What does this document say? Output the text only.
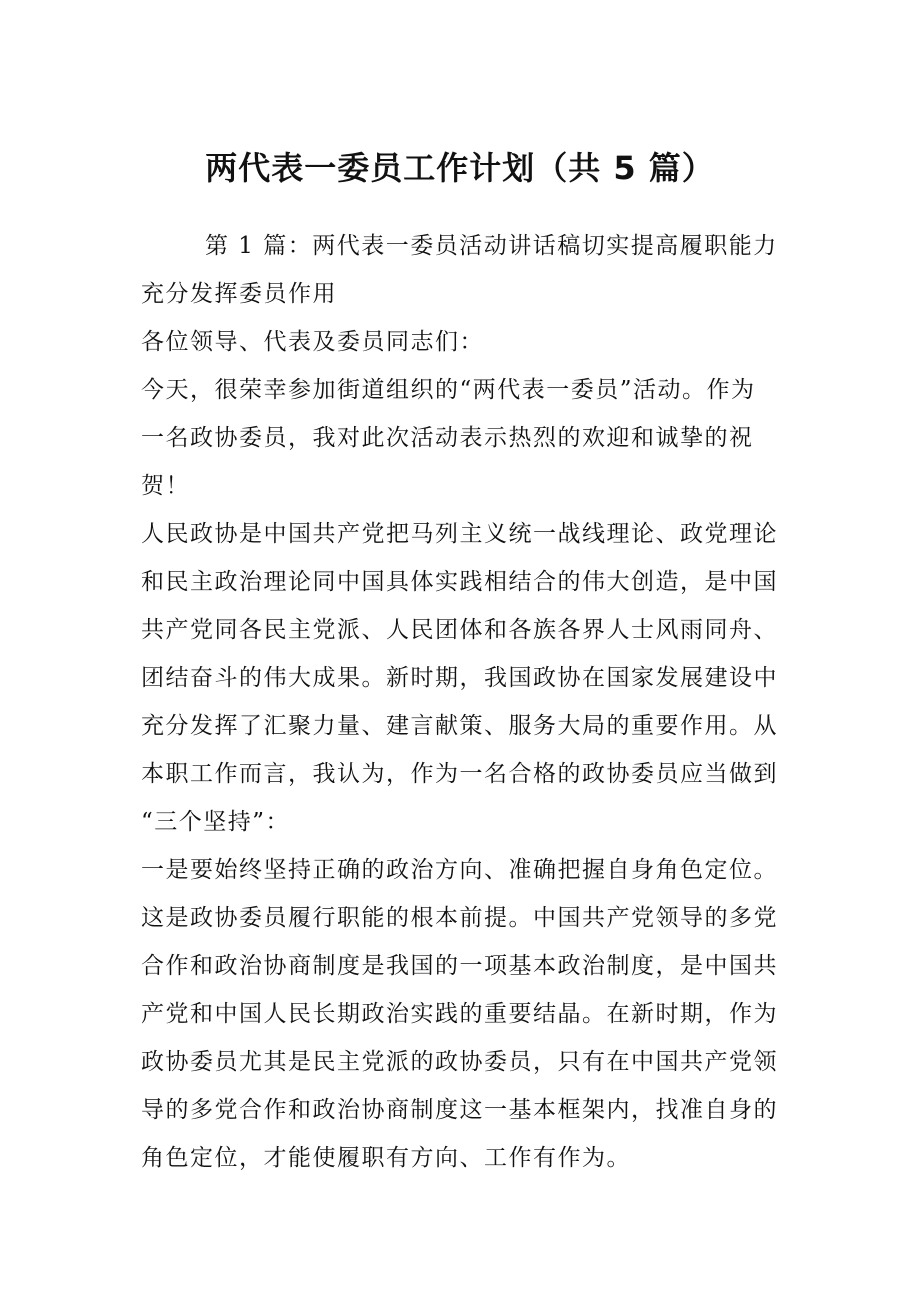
两代表一委员工作计划（共 5 篇）

第 1 篇：两代表一委员活动讲话稿切实提高履职能力

充分发挥委员作用

各位领导、代表及委员同志们：

今天，很荣幸参加街道组织的“两代表一委员”活动。作为

一名政协委员，我对此次活动表示热烈的欢迎和诚挚的祝

贺！

人民政协是中国共产党把马列主义统一战线理论、政党理论

和民主政治理论同中国具体实践相结合的伟大创造，是中国

共产党同各民主党派、人民团体和各族各界人士风雨同舟、

团结奋斗的伟大成果。新时期，我国政协在国家发展建设中

充分发挥了汇聚力量、建言献策、服务大局的重要作用。从

本职工作而言，我认为，作为一名合格的政协委员应当做到

“三个坚持”：

一是要始终坚持正确的政治方向、准确把握自身角色定位。

这是政协委员履行职能的根本前提。中国共产党领导的多党

合作和政治协商制度是我国的一项基本政治制度，是中国共

产党和中国人民长期政治实践的重要结晶。在新时期，作为

政协委员尤其是民主党派的政协委员，只有在中国共产党领

导的多党合作和政治协商制度这一基本框架内，找准自身的

角色定位，才能使履职有方向、工作有作为。
